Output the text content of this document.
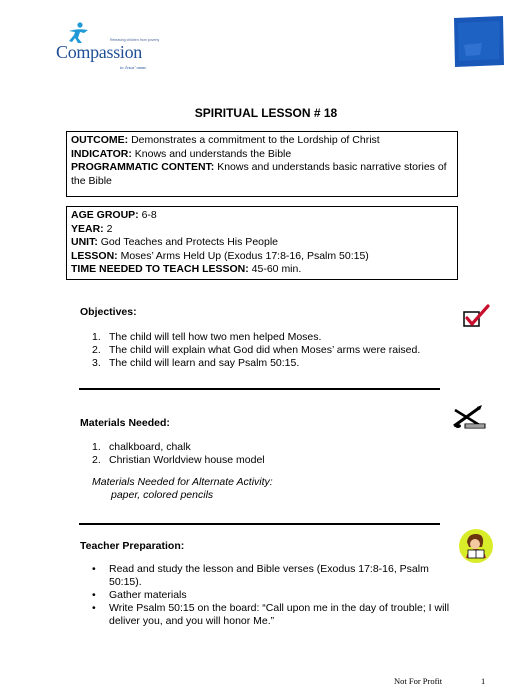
Releasing children from poverty
Compassion
in Jesus' name
SPIRITUAL LESSON # 18
OUTCOME: Demonstrates a commitment to the Lordship of Christ
INDICATOR: Knows and understands the Bible
PROGRAMMATIC CONTENT: Knows and understands basic narrative stories of the Bible
AGE GROUP: 6-8
YEAR: 2
UNIT: God Teaches and Protects His People
LESSON: Moses’ Arms Held Up (Exodus 17:8-16, Psalm 50:15)
TIME NEEDED TO TEACH LESSON: 45-60 min.
Objectives:
1. The child will tell how two men helped Moses.
2. The child will explain what God did when Moses’ arms were raised.
3. The child will learn and say Psalm 50:15.
Materials Needed:
1. chalkboard, chalk
2. Christian Worldview house model
Materials Needed for Alternate Activity:
paper, colored pencils
Teacher Preparation:
•	Read and study the lesson and Bible verses (Exodus 17:8-16, Psalm 50:15).
•	Gather materials
•	Write Psalm 50:15 on the board: “Call upon me in the day of trouble; I will deliver you, and you will honor Me.”
Not For Profit	1
